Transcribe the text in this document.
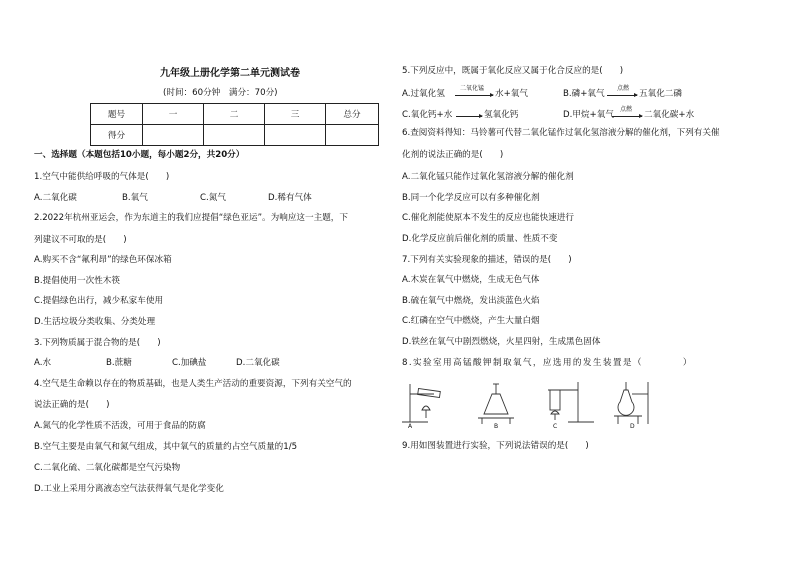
九年级上册化学第二单元测试卷
(时间：60分钟　满分：70分)
题号	一	二	三	总分
得分				
一、选择题（本题包括10小题，每小题2分，共20分）
1.空气中能供给呼吸的气体是(　　)
A.二氧化碳	B.氧气	C.氮气	D.稀有气体
2.2022年杭州亚运会，作为东道主的我们应提倡“绿色亚运”。为响应这一主题，下
列建议不可取的是(　　)
A.购买不含“氟利昂”的绿色环保冰箱
B.提倡使用一次性木筷
C.提倡绿色出行，减少私家车使用
D.生活垃圾分类收集、分类处理
3.下列物质属于混合物的是(　　)
A.水	B.蔗糖	C.加碘盐	D.二氧化碳
4.空气是生命赖以存在的物质基础，也是人类生产活动的重要资源，下列有关空气的
说法正确的是(　　)
A.氮气的化学性质不活泼，可用于食品的防腐
B.空气主要是由氧气和氮气组成，其中氧气的质量约占空气质量的1/5
C.二氧化硫、二氧化碳都是空气污染物
D.工业上采用分离液态空气法获得氧气是化学变化
5.下列反应中，既属于氧化反应又属于化合反应的是(　　)
A.过氧化氢
二氧化锰
→ 水+氧气	B.磷+氧气
点燃
→ 五氧化二磷
C.氧化钙+水 → 氢氧化钙	D.甲烷+氧气
点燃
→ 二氧化碳+水
6.查阅资料得知：马铃薯可代替二氧化锰作过氧化氢溶液分解的催化剂，下列有关催
化剂的说法正确的是(　　)
A.二氧化锰只能作过氧化氢溶液分解的催化剂
B.同一个化学反应可以有多种催化剂
C.催化剂能使原本不发生的反应也能快速进行
D.化学反应前后催化剂的质量、性质不变
7.下列有关实验现象的描述，错误的是(　　)
A.木炭在氧气中燃烧，生成无色气体
B.硫在氧气中燃烧，发出淡蓝色火焰
C.红磷在空气中燃烧，产生大量白烟
D.铁丝在氧气中剧烈燃烧，火星四射，生成黑色固体
8.实验室用高锰酸钾制取氧气，应选用的发生装置是（　　　　）
A	B	C	D
9.用如图装置进行实验，下列说法错误的是(　　)
